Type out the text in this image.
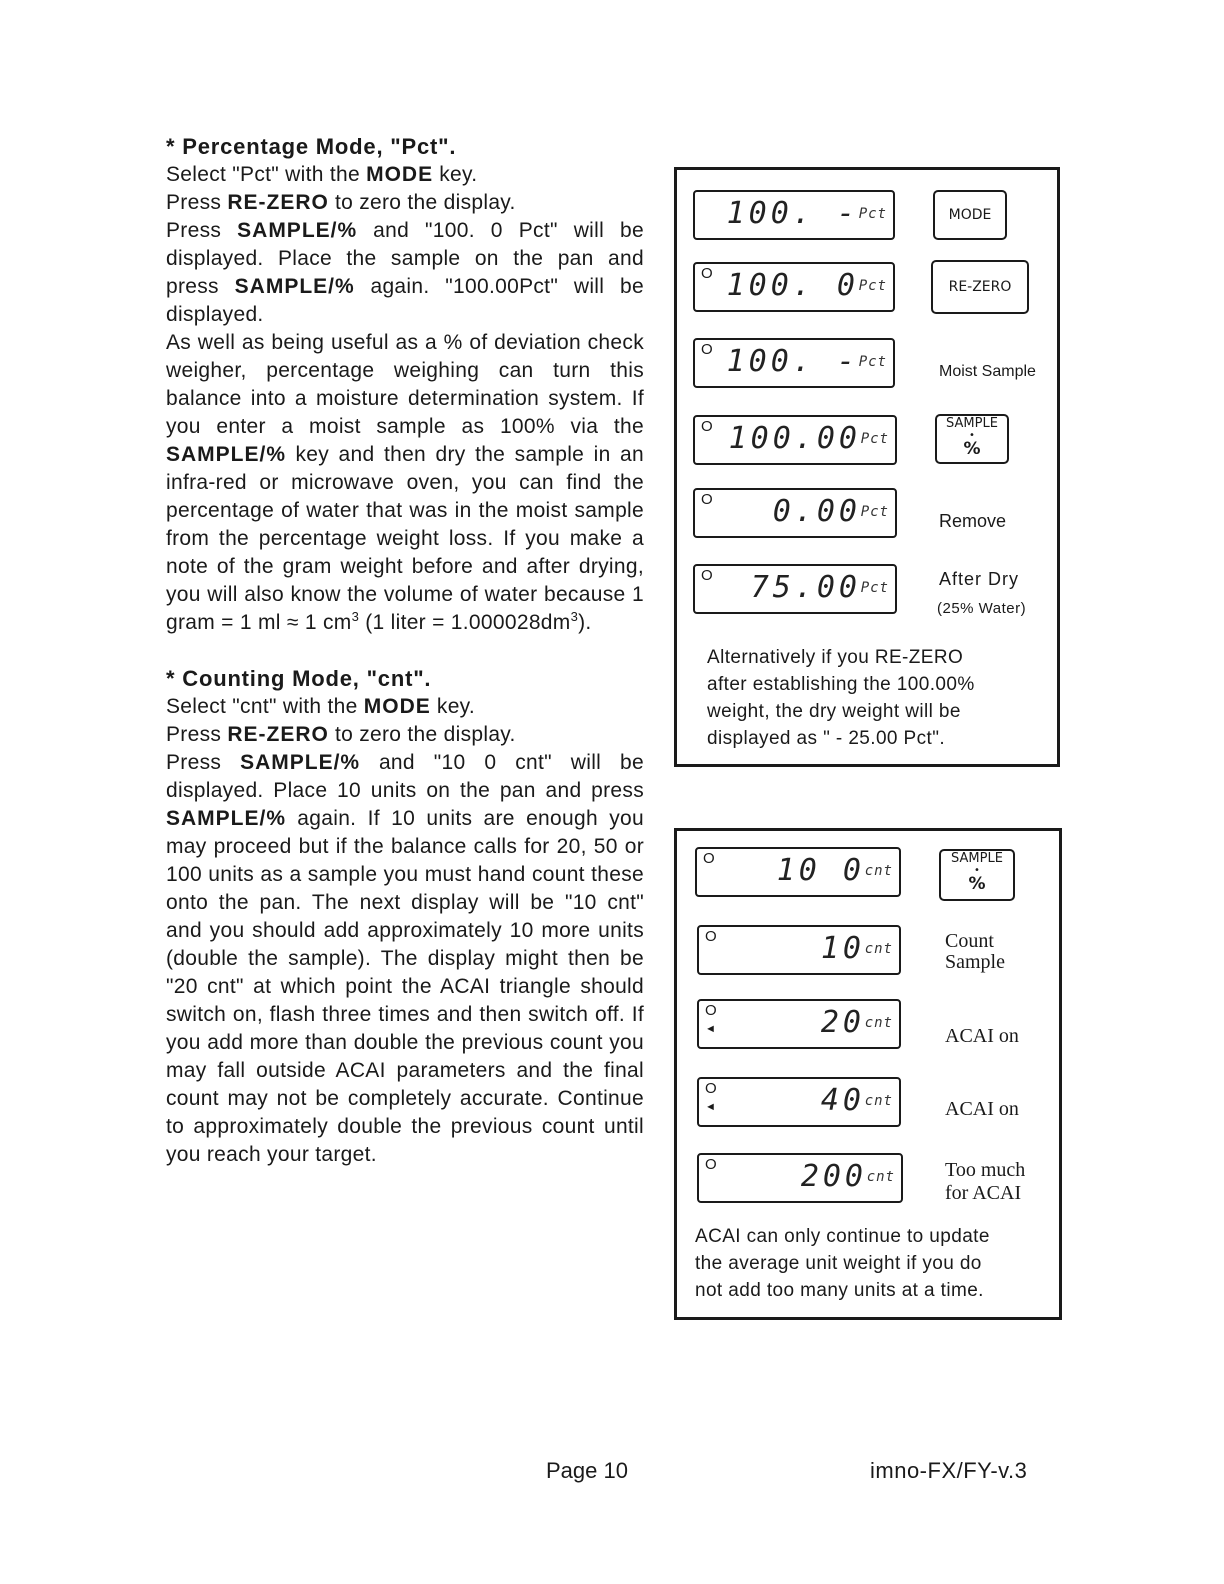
* Percentage Mode, "Pct".

Select "Pct" with the MODE key.

Press RE-ZERO to zero the display.

Press SAMPLE/% and "100. 0 Pct" will be displayed. Place the sample on the pan and press SAMPLE/% again. "100.00Pct" will be displayed.

As well as being useful as a % of deviation check weigher, percentage weighing can turn this balance into a moisture determination system. If you enter a moist sample as 100% via the SAMPLE/% key and then dry the sample in an infra-red or microwave oven, you can find the percentage of water that was in the moist sample from the percentage weight loss. If you make a note of the gram weight before and after drying, you will also know the volume of water because 1 gram = 1 ml ≈ 1 $cm^3$ (1 liter = $1.000028dm^3$).

* Counting Mode, "cnt".

Select "cnt" with the MODE key.

Press RE-ZERO to zero the display.

Press SAMPLE/% and "10 0 cnt" will be displayed. Place 10 units on the pan and press SAMPLE/% again. If 10 units are enough you may proceed but if the balance calls for 20, 50 or 100 units as a sample you must hand count these onto the pan. The next display will be "10 cnt" and you should add approximately 10 more units (double the sample). The display might then be "20 cnt" at which point the ACAI triangle should switch on, flash three times and then switch off. If you add more than double the previous count you may fall outside ACAI parameters and the final count may not be completely accurate. Continue to approximately double the previous count until you reach your target.

100. - Pct
O 100. 0 Pct
O 100. - Pct
O 100.00 Pct
O 0.00 Pct
O 75.00 Pct
MODE
RE-ZERO
Moist Sample
SAMPLE
•
%
Remove
After Dry
(25% Water)
Alternatively if you RE-ZERO
after establishing the 100.00%
weight, the dry weight will be
displayed as " - 25.00 Pct".
O 10 0 cnt
O	10 cnt
O
◄	20 cnt
O
◄	40 cnt
O	200 cnt
SAMPLE
•
%
Count
Sample
ACAI on
ACAI on
Too much
for ACAI
ACAI can only continue to update
the average unit weight if you do
not add too many units at a time.
Page 10	imno-FX/FY-v.3
